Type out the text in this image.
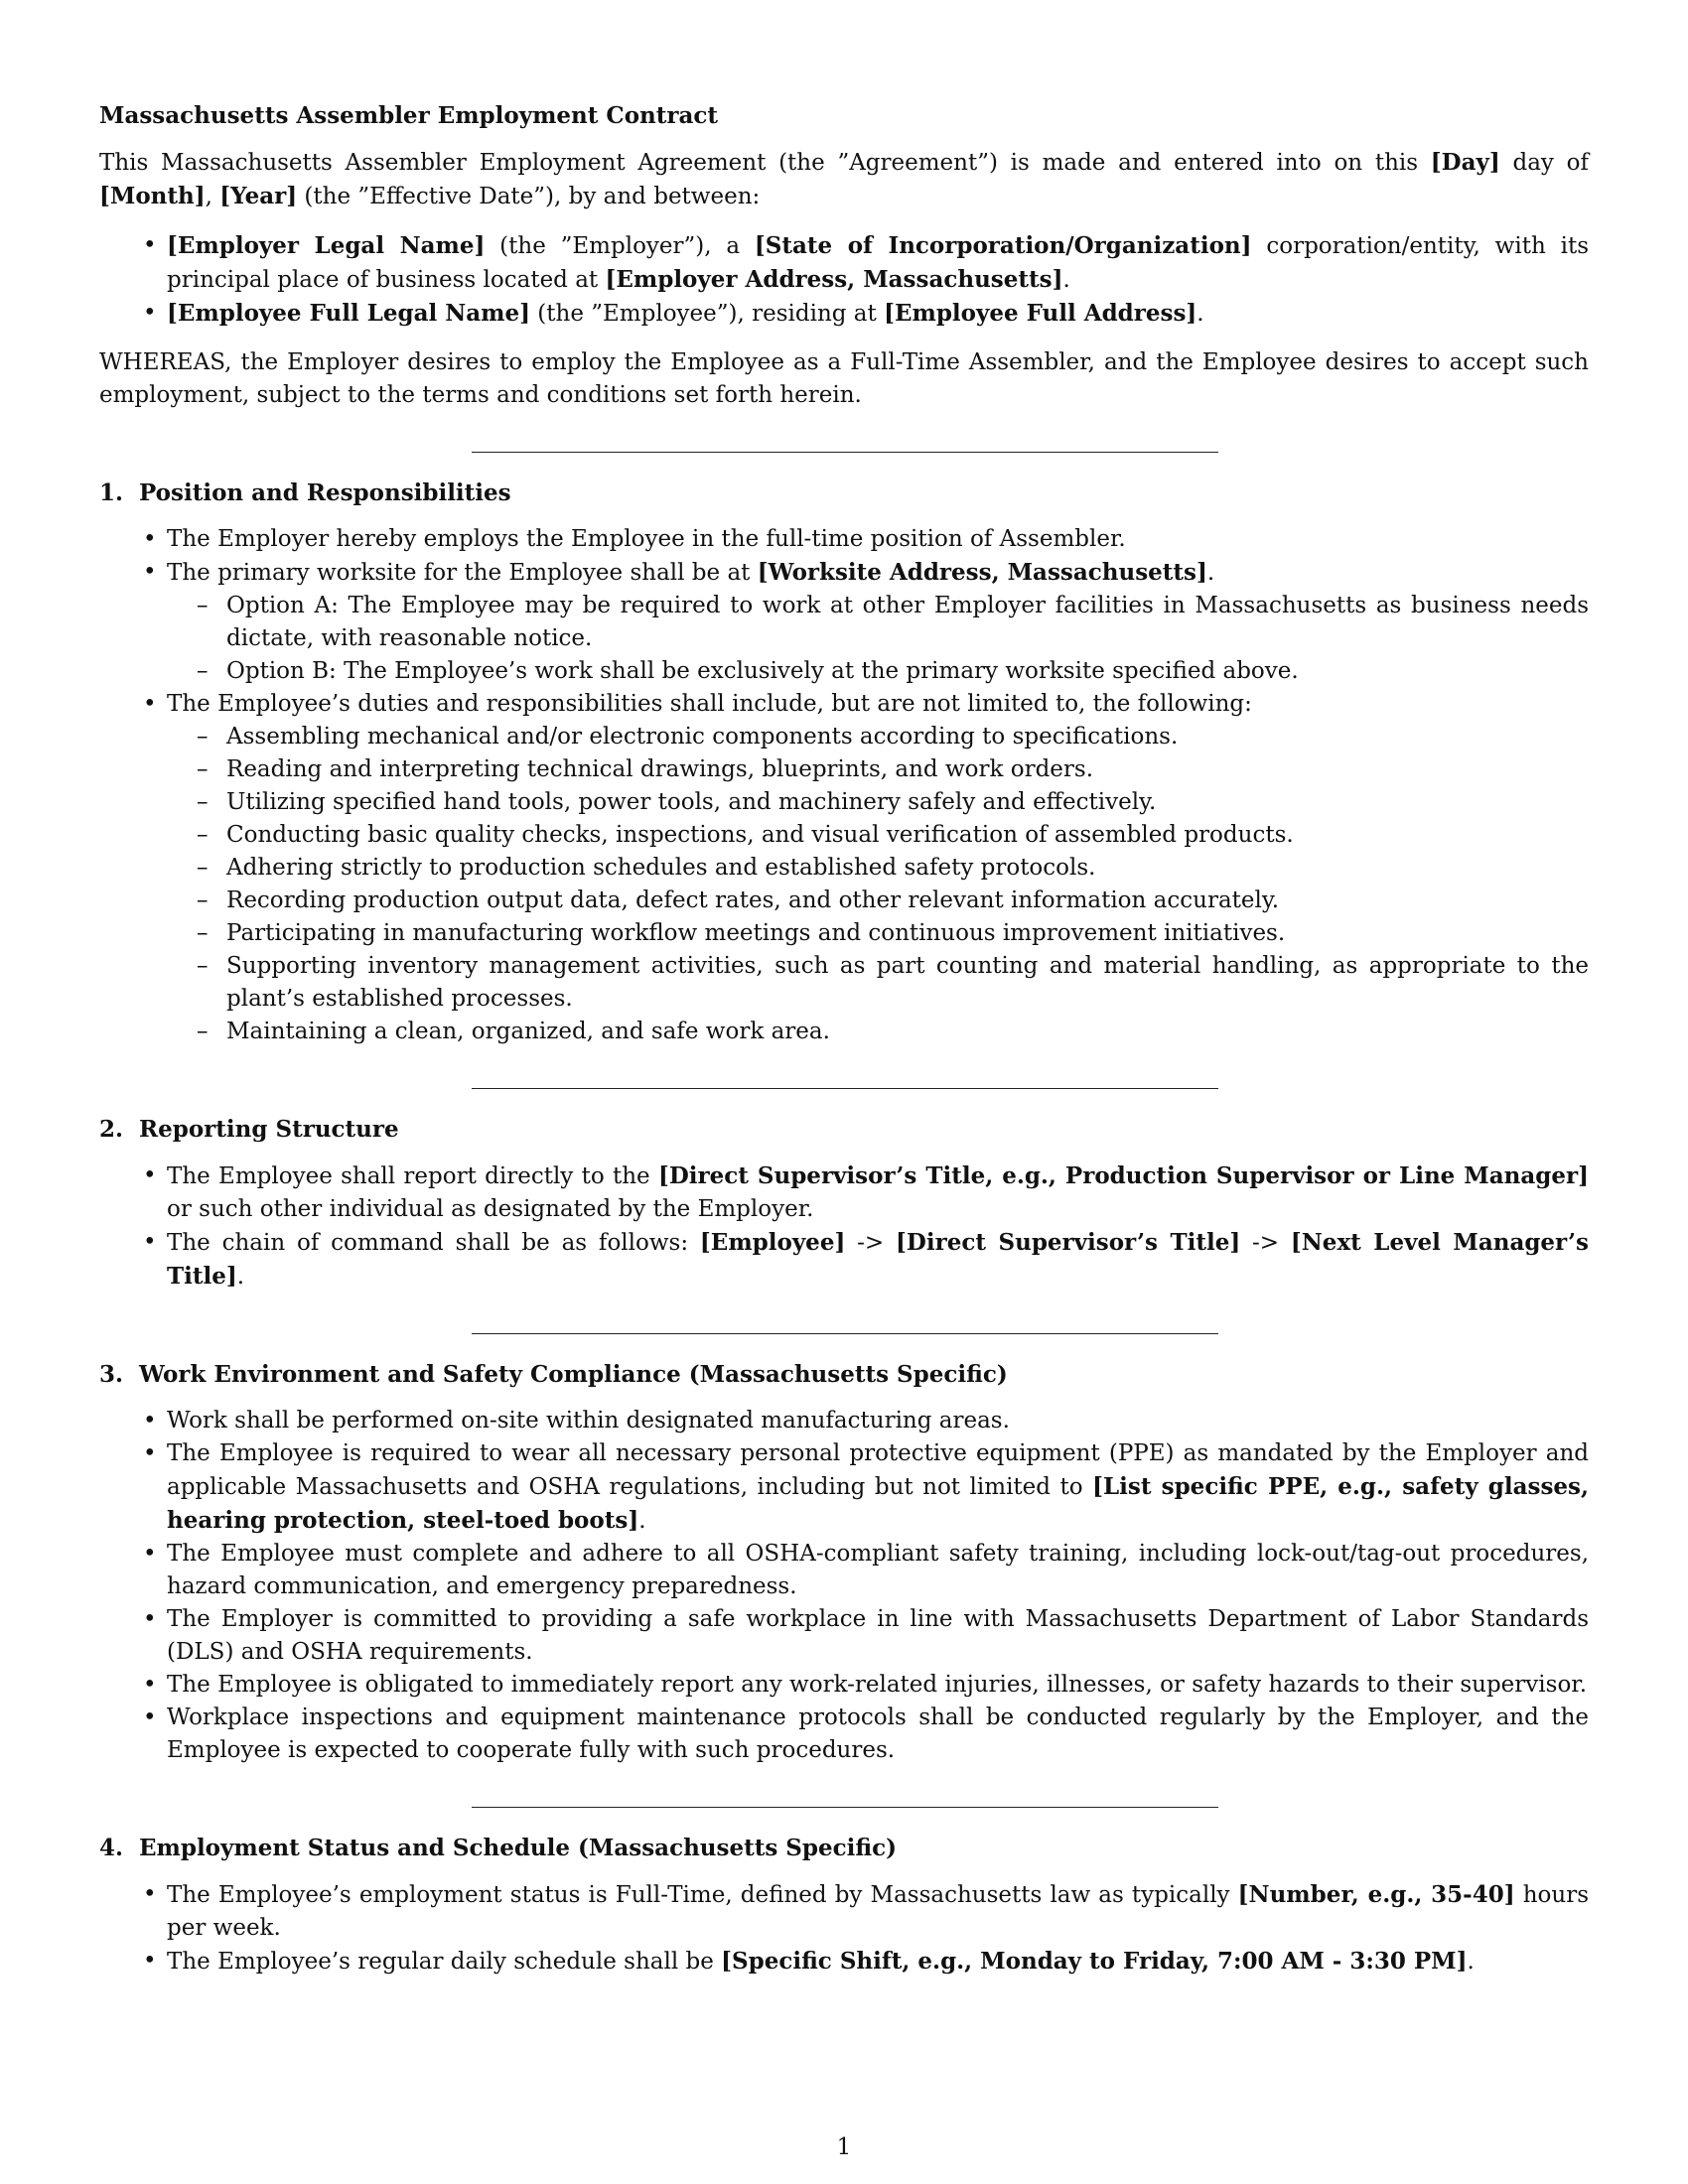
Massachusetts Assembler Employment Contract

This Massachusetts Assembler Employment Agreement (the ”Agreement”) is made and entered into on this [Day] day of [Month], [Year] (the ”Effective Date”), by and between:

• [Employer Legal Name] (the ”Employer”), a [State of Incorporation/Organization] corporation/entity, with its principal place of business located at [Employer Address, Massachusetts].
• [Employee Full Legal Name] (the ”Employee”), residing at [Employee Full Address].

WHEREAS, the Employer desires to employ the Employee as a Full-Time Assembler, and the Employee desires to accept such employment, subject to the terms and conditions set forth herein.

1. Position and Responsibilities
• The Employer hereby employs the Employee in the full-time position of Assembler.
• The primary worksite for the Employee shall be at [Worksite Address, Massachusetts].
– Option A: The Employee may be required to work at other Employer facilities in Massachusetts as business needs dictate, with reasonable notice.
– Option B: The Employee’s work shall be exclusively at the primary worksite specified above.
• The Employee’s duties and responsibilities shall include, but are not limited to, the following:
– Assembling mechanical and/or electronic components according to specifications.
– Reading and interpreting technical drawings, blueprints, and work orders.
– Utilizing specified hand tools, power tools, and machinery safely and effectively.
– Conducting basic quality checks, inspections, and visual verification of assembled products.
– Adhering strictly to production schedules and established safety protocols.
– Recording production output data, defect rates, and other relevant information accurately.
– Participating in manufacturing workflow meetings and continuous improvement initiatives.
– Supporting inventory management activities, such as part counting and material handling, as appropriate to the plant’s established processes.
– Maintaining a clean, organized, and safe work area.
2. Reporting Structure
• The Employee shall report directly to the [Direct Supervisor’s Title, e.g., Production Supervisor or Line Manager] or such other individual as designated by the Employer.
• The chain of command shall be as follows: [Employee] -> [Direct Supervisor’s Title] -> [Next Level Manager’s Title].
3. Work Environment and Safety Compliance (Massachusetts Specific)
• Work shall be performed on-site within designated manufacturing areas.
• The Employee is required to wear all necessary personal protective equipment (PPE) as mandated by the Employer and applicable Massachusetts and OSHA regulations, including but not limited to [List specific PPE, e.g., safety glasses, hearing protection, steel-toed boots].
• The Employee must complete and adhere to all OSHA-compliant safety training, including lock-out/tag-out procedures, hazard communication, and emergency preparedness.
• The Employer is committed to providing a safe workplace in line with Massachusetts Department of Labor Standards (DLS) and OSHA requirements.
• The Employee is obligated to immediately report any work-related injuries, illnesses, or safety hazards to their supervisor.
• Workplace inspections and equipment maintenance protocols shall be conducted regularly by the Employer, and the Employee is expected to cooperate fully with such procedures.
4. Employment Status and Schedule (Massachusetts Specific)
• The Employee’s employment status is Full-Time, defined by Massachusetts law as typically [Number, e.g., 35-40] hours per week.
• The Employee’s regular daily schedule shall be [Specific Shift, e.g., Monday to Friday, 7:00 AM - 3:30 PM].
1
